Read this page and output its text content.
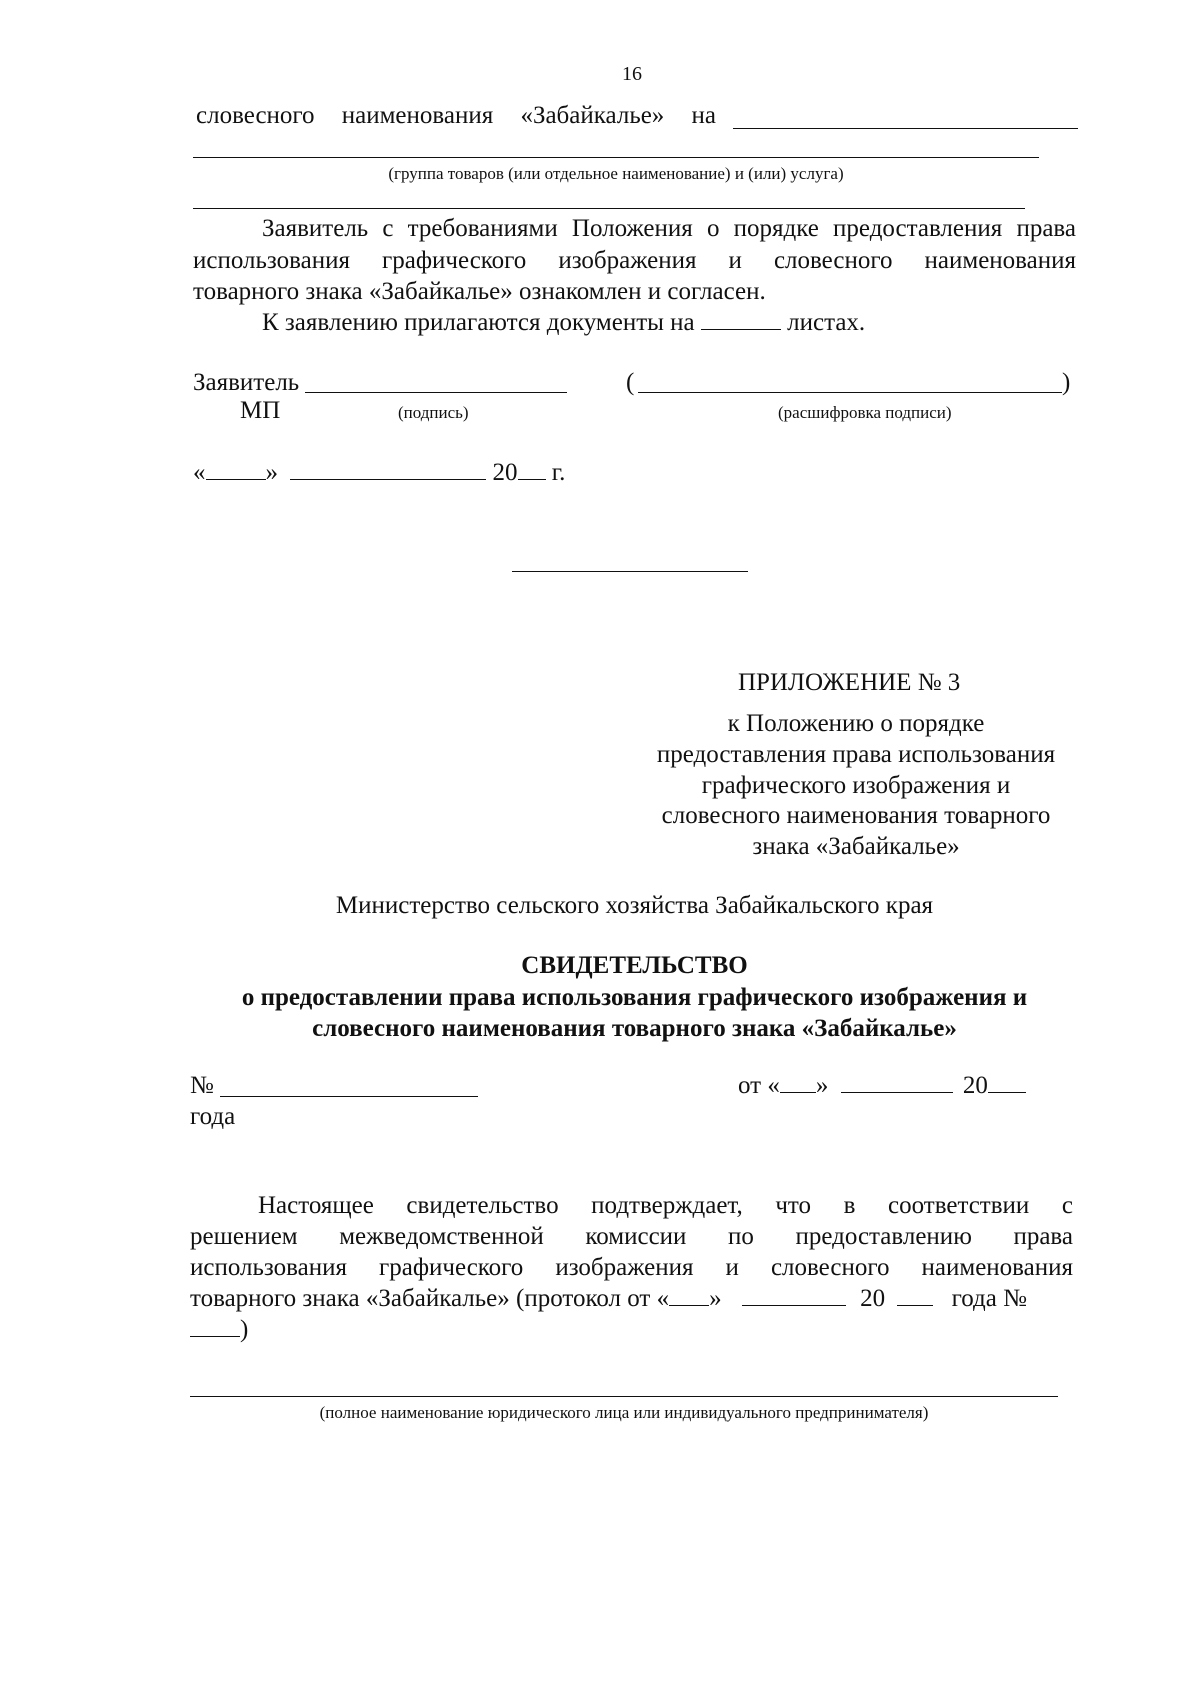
16
словесного наименования «Забайкалье» на
(группа товаров (или отдельное наименование) и (или) услуга)
Заявитель с требованиями Положения о порядке предоставления права
использования графического изображения и словесного наименования
товарного знака «Забайкалье» ознакомлен и согласен.
К заявлению прилагаются документы на	листах.
Заявитель	(	)
МП	(подпись)	(расшифровка подписи)
« »	20 г.
ПРИЛОЖЕНИЕ № 3
к Положению о порядке
предоставления права использования
графического изображения и
словесного наименования товарного
знака «Забайкалье»
Министерство сельского хозяйства Забайкальского края
СВИДЕТЕЛЬСТВО
о предоставлении права использования графического изображения и
словесного наименования товарного знака «Забайкалье»
№	от « »	20
года
Настоящее свидетельство подтверждает, что в соответствии с
решением межведомственной комиссии по предоставлению права
использования графического изображения и словесного наименования
товарного знака «Забайкалье» (протокол от « »	20	года №
)
(полное наименование юридического лица или индивидуального предпринимателя)
